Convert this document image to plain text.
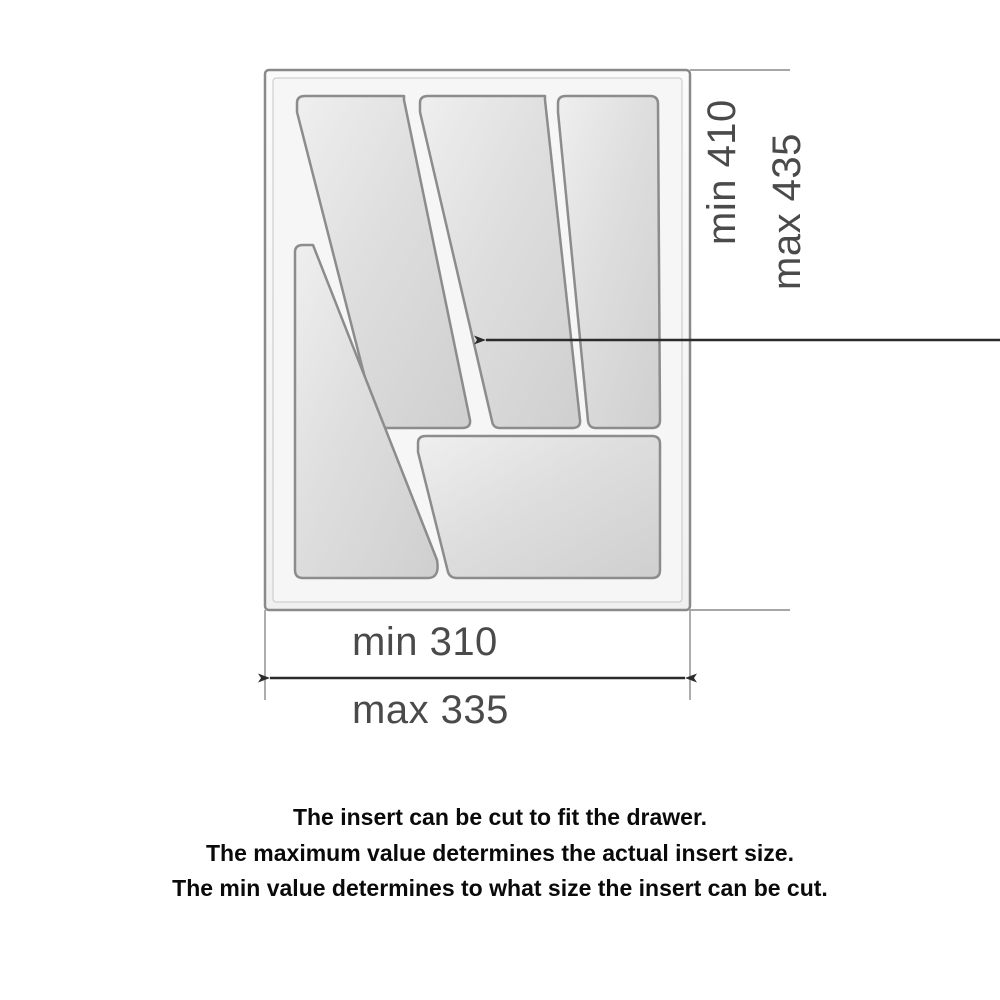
min 410 max 435
min 310
max 335
The insert can be cut to fit the drawer.
The maximum value determines the actual insert size.
The min value determines to what size the insert can be cut.
